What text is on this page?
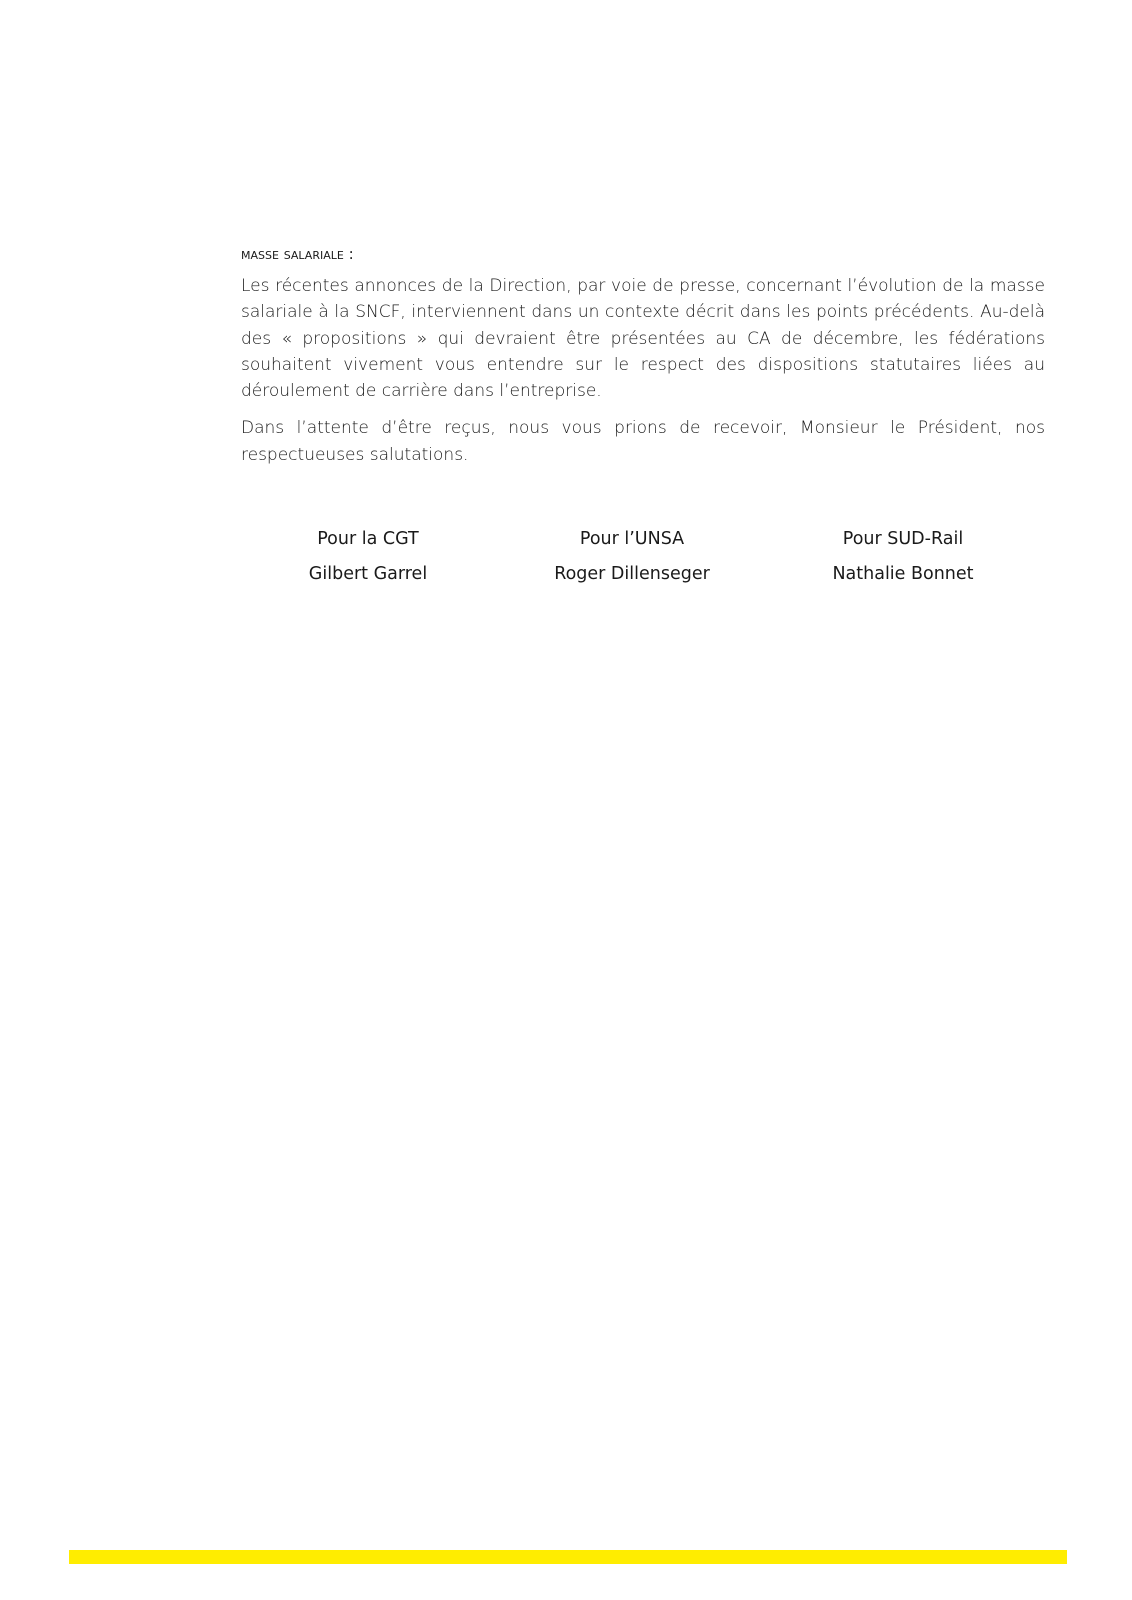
masse salariale :

Les récentes annonces de la Direction, par voie de presse, concernant l’évolution de la masse salariale à la SNCF, interviennent dans un contexte décrit dans les points précédents. Au-delà des « propositions » qui devraient être présentées au CA de décembre, les fédérations souhaitent vivement vous entendre sur le respect des dispositions statutaires liées au déroulement de carrière dans l’entreprise.

Dans l’attente d’être reçus, nous vous prions de recevoir, Monsieur le Président, nos respectueuses salutations.

Pour la CGT
Gilbert Garrel
Pour l’UNSA
Roger Dillenseger
Pour SUD-Rail
Nathalie Bonnet
